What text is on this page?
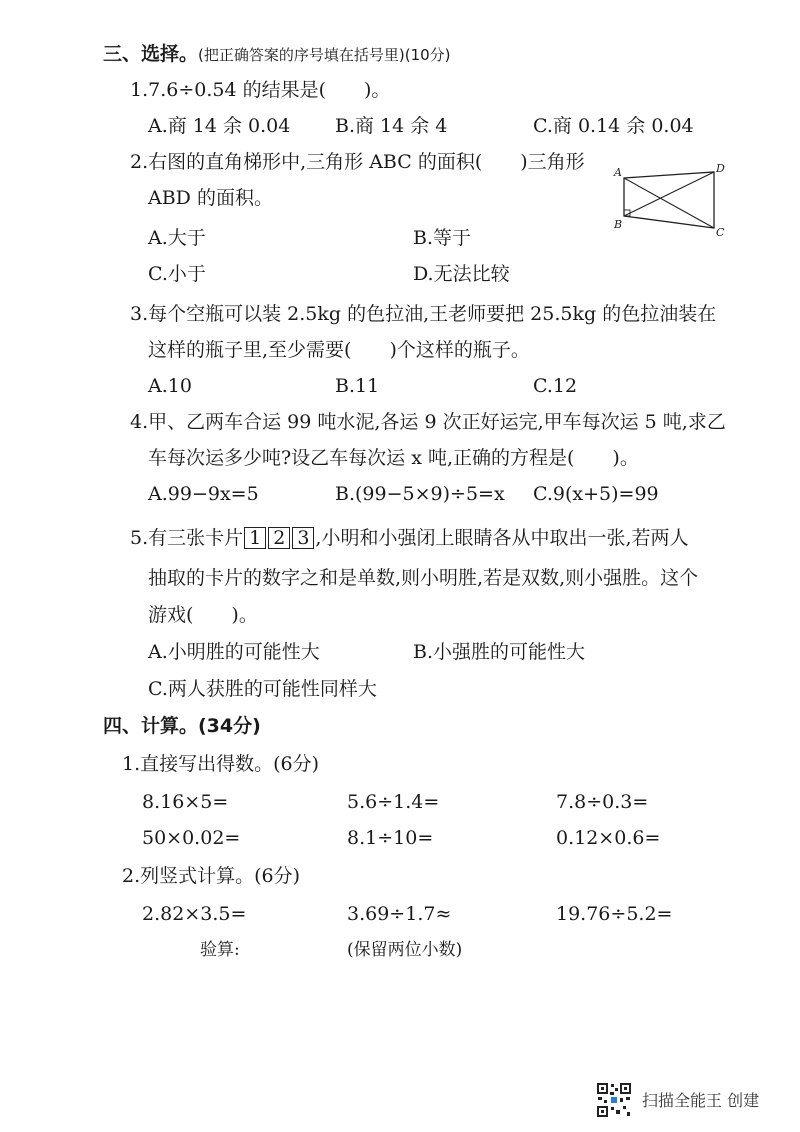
三、选择。(把正确答案的序号填在括号里)(10分)
1.7.6÷0.54 的结果是(　　)。
A.商 14 余 0.04 B.商 14 余 4	C.商 0.14 余 0.04
2.右图的直角梯形中,三角形 ABC 的面积(　　)三角形
ABD 的面积。
A.大于	B.等于
C.小于	D.无法比较
A	D
B
C
3.每个空瓶可以装 2.5kg 的色拉油,王老师要把 25.5kg 的色拉油装在
这样的瓶子里,至少需要(　　)个这样的瓶子。
A.10	B.11	C.12
4.甲、乙两车合运 99 吨水泥,各运 9 次正好运完,甲车每次运 5 吨,求乙
车每次运多少吨?设乙车每次运 x 吨,正确的方程是(　　)。
A.99−9x=5	B.(99−5×9)÷5=x C.9(x+5)=99
5.有三张卡片 1 2 3 ,小明和小强闭上眼睛各从中取出一张,若两人
抽取的卡片的数字之和是单数,则小明胜,若是双数,则小强胜。这个
游戏(　　)。
A.小明胜的可能性大	B.小强胜的可能性大
C.两人获胜的可能性同样大
四、计算。(34分)
1.直接写出得数。(6分)
8.16×5=	5.6÷1.4=	7.8÷0.3=
50×0.02=	8.1÷10=	0.12×0.6=
2.列竖式计算。(6分)
2.82×3.5=	3.69÷1.7≈	19.76÷5.2=
验算:	(保留两位小数)
扫描全能王 创建
